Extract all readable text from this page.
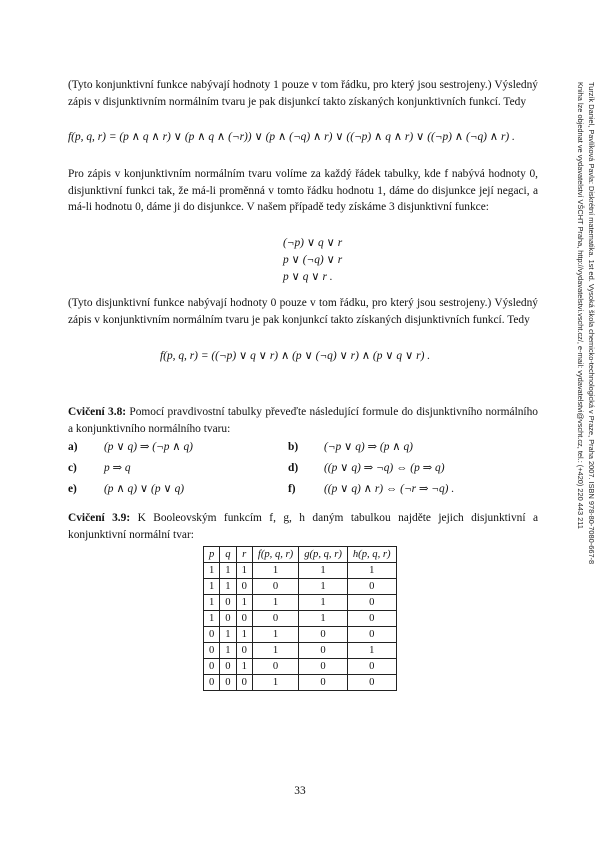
(Tyto konjunktivní funkce nabývají hodnoty 1 pouze v tom řádku, pro který jsou sestrojeny.) Výsledný zápis v disjunktivním normálním tvaru je pak disjunkcí takto získaných konjunktivních funkcí. Tedy

f(p, q, r) = (p ∧ q ∧ r) ∨ (p ∧ q ∧ (¬r)) ∨ (p ∧ (¬q) ∧ r) ∨ ((¬p) ∧ q ∧ r) ∨ ((¬p) ∧ (¬q) ∧ r) .

Pro zápis v konjunktivním normálním tvaru volíme za každý řádek tabulky, kde f nabývá hodnoty 0, disjunktivní funkci tak, že má-li proměnná v tomto řádku hodnotu 1, dáme do disjunkce její negaci, a má-li hodnotu 0, dáme ji do disjunkce. V našem případě tedy získáme 3 disjunktivní funkce:

(¬p) ∨ q ∨ r
p ∨ (¬q) ∨ r
p ∨ q ∨ r .

(Tyto disjunktivní funkce nabývají hodnoty 0 pouze v tom řádku, pro který jsou sestrojeny.) Výsledný zápis v konjunktivním normálním tvaru je pak konjunkcí takto získaných disjunktivních funkcí. Tedy

f(p, q, r) = ((¬p) ∨ q ∨ r) ∧ (p ∨ (¬q) ∨ r) ∧ (p ∨ q ∨ r) .

Cvičení 3.8: Pomocí pravdivostní tabulky převeďte následující formule do disjunktivního normálního a konjunktivního normálního tvaru:

a)	(p ∨ q) ⇒ (¬p ∧ q)	b)	(¬p ∨ q) ⇒ (p ∧ q)
c)	p ⇒ q	d)	((p ∨ q) ⇒ ¬q) ⇔ (p ⇒ q)
e)	(p ∧ q) ∨ (p ∨ q)	f)	((p ∨ q) ∧ r) ⇔ (¬r ⇒ ¬q) .

Cvičení 3.9: K Booleovským funkcím f, g, h daným tabulkou najděte jejich disjunktivní a konjunktivní normální tvar:

p	q	r	f(p, q, r)	g(p, q, r)	h(p, q, r)
1	1	1	1	1	1
1	1	0	0	1	0
1	0	1	1	1	0
1	0	0	0	1	0
0	1	1	1	0	0
0	1	0	1	0	1
0	0	1	0	0	0
0	0	0	1	0	0
33
Turzík Daniel, Pavlíková Pavla: Diskrétní matematika. 1st ed. Vysoká škola chemicko-technologická v Praze, Praha 2007. ISBN 978-80-7080-667-8
Kniha lze objednat ve vydavatelství VŠCHT Praha, http://vydavatelstvi.vscht.cz/, e-mail: vydavatelstvi@vscht.cz, tel.: (+420) 220 443 211
